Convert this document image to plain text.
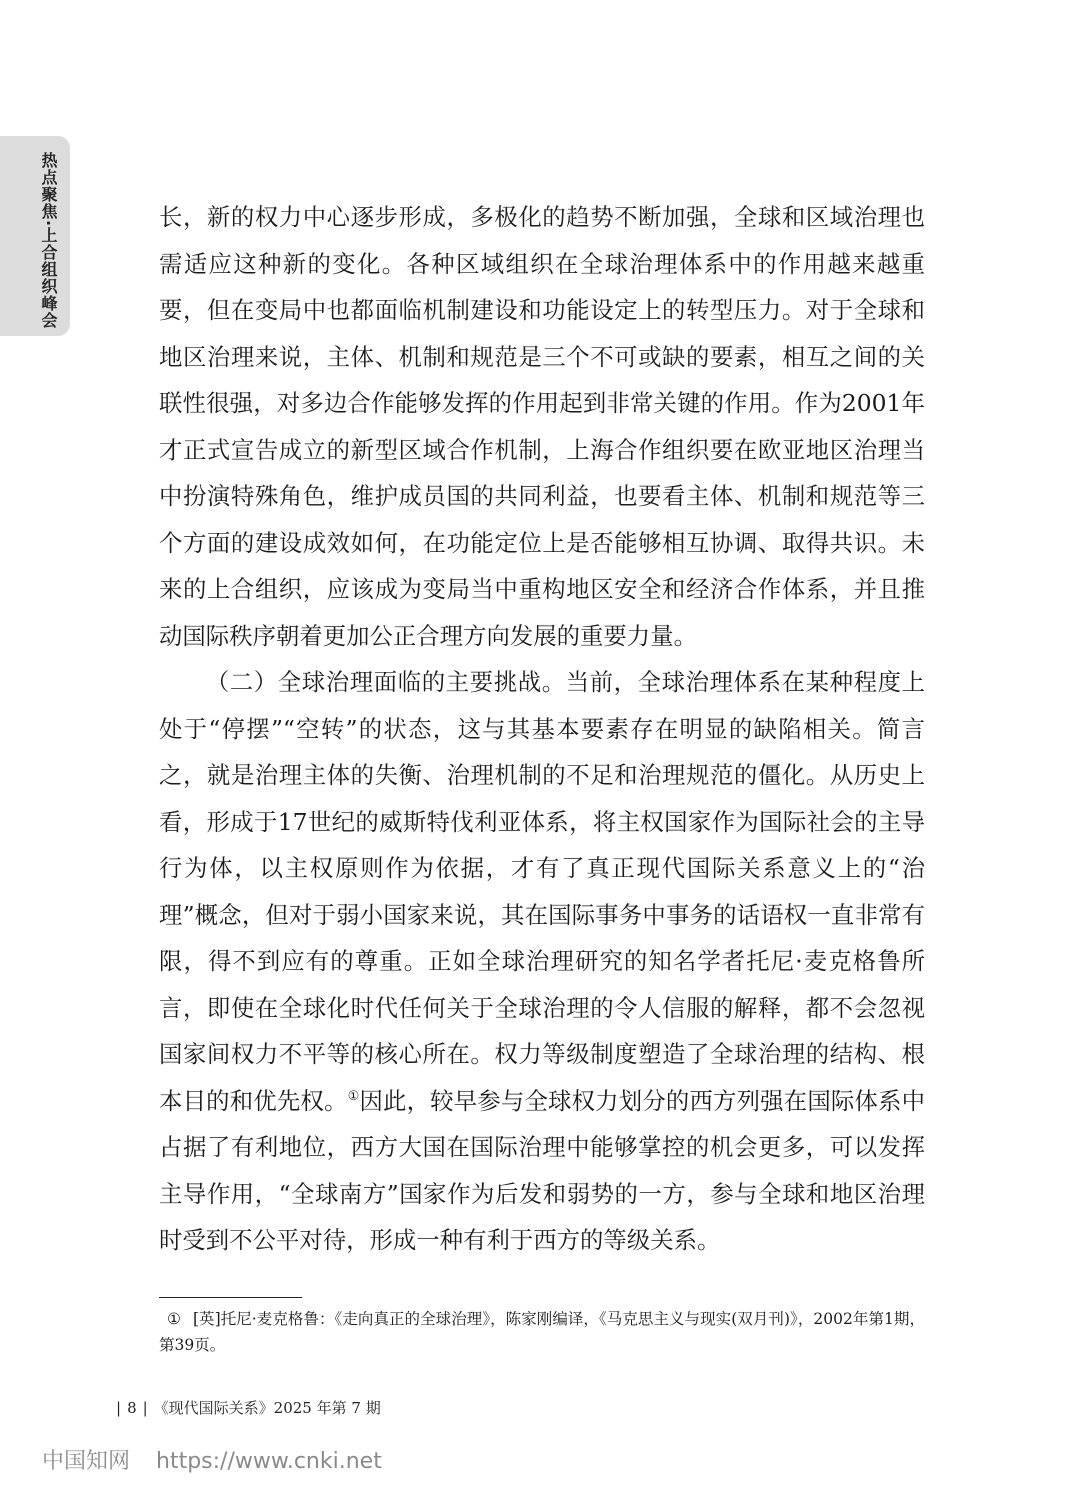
热点聚焦·上合组织峰会	长，新的权力中心逐步形成，多极化的趋势不断加强，全球和区域治理也需适应这种新的变化。各种区域组织在全球治理体系中的作用越来越重要，但在变局中也都面临机制建设和功能设定上的转型压力。对于全球和地区治理来说，主体、机制和规范是三个不可或缺的要素，相互之间的关联性很强，对多边合作能够发挥的作用起到非常关键的作用。作为2001年才正式宣告成立的新型区域合作机制，上海合作组织要在欧亚地区治理当中扮演特殊角色，维护成员国的共同利益，也要看主体、机制和规范等三个方面的建设成效如何，在功能定位上是否能够相互协调、取得共识。未来的上合组织，应该成为变局当中重构地区安全和经济合作体系，并且推动国际秩序朝着更加公正合理方向发展的重要力量。

（二）全球治理面临的主要挑战。当前，全球治理体系在某种程度上处于“停摆”“空转”的状态，这与其基本要素存在明显的缺陷相关。简言之，就是治理主体的失衡、治理机制的不足和治理规范的僵化。从历史上看，形成于17世纪的威斯特伐利亚体系，将主权国家作为国际社会的主导行为体，以主权原则作为依据，才有了真正现代国际关系意义上的“治理”概念，但对于弱小国家来说，其在国际事务中事务的话语权一直非常有限，得不到应有的尊重。正如全球治理研究的知名学者托尼·麦克格鲁所言，即使在全球化时代任何关于全球治理的令人信服的解释，都不会忽视国家间权力不平等的核心所在。权力等级制度塑造了全球治理的结构、根本目的和优先权。①因此，较早参与全球权力划分的西方列强在国际体系中占据了有利地位，西方大国在国际治理中能够掌控的机会更多，可以发挥主导作用，“全球南方”国家作为后发和弱势的一方，参与全球和地区治理时受到不公平对待，形成一种有利于西方的等级关系。

① [英]托尼·麦克格鲁：《走向真正的全球治理》，陈家刚编译，《马克思主义与现实(双月刊)》，2002年第1期，第39页。
| 8 | 《现代国际关系》2025 年第 7 期
中国知网 https://www.cnki.net
